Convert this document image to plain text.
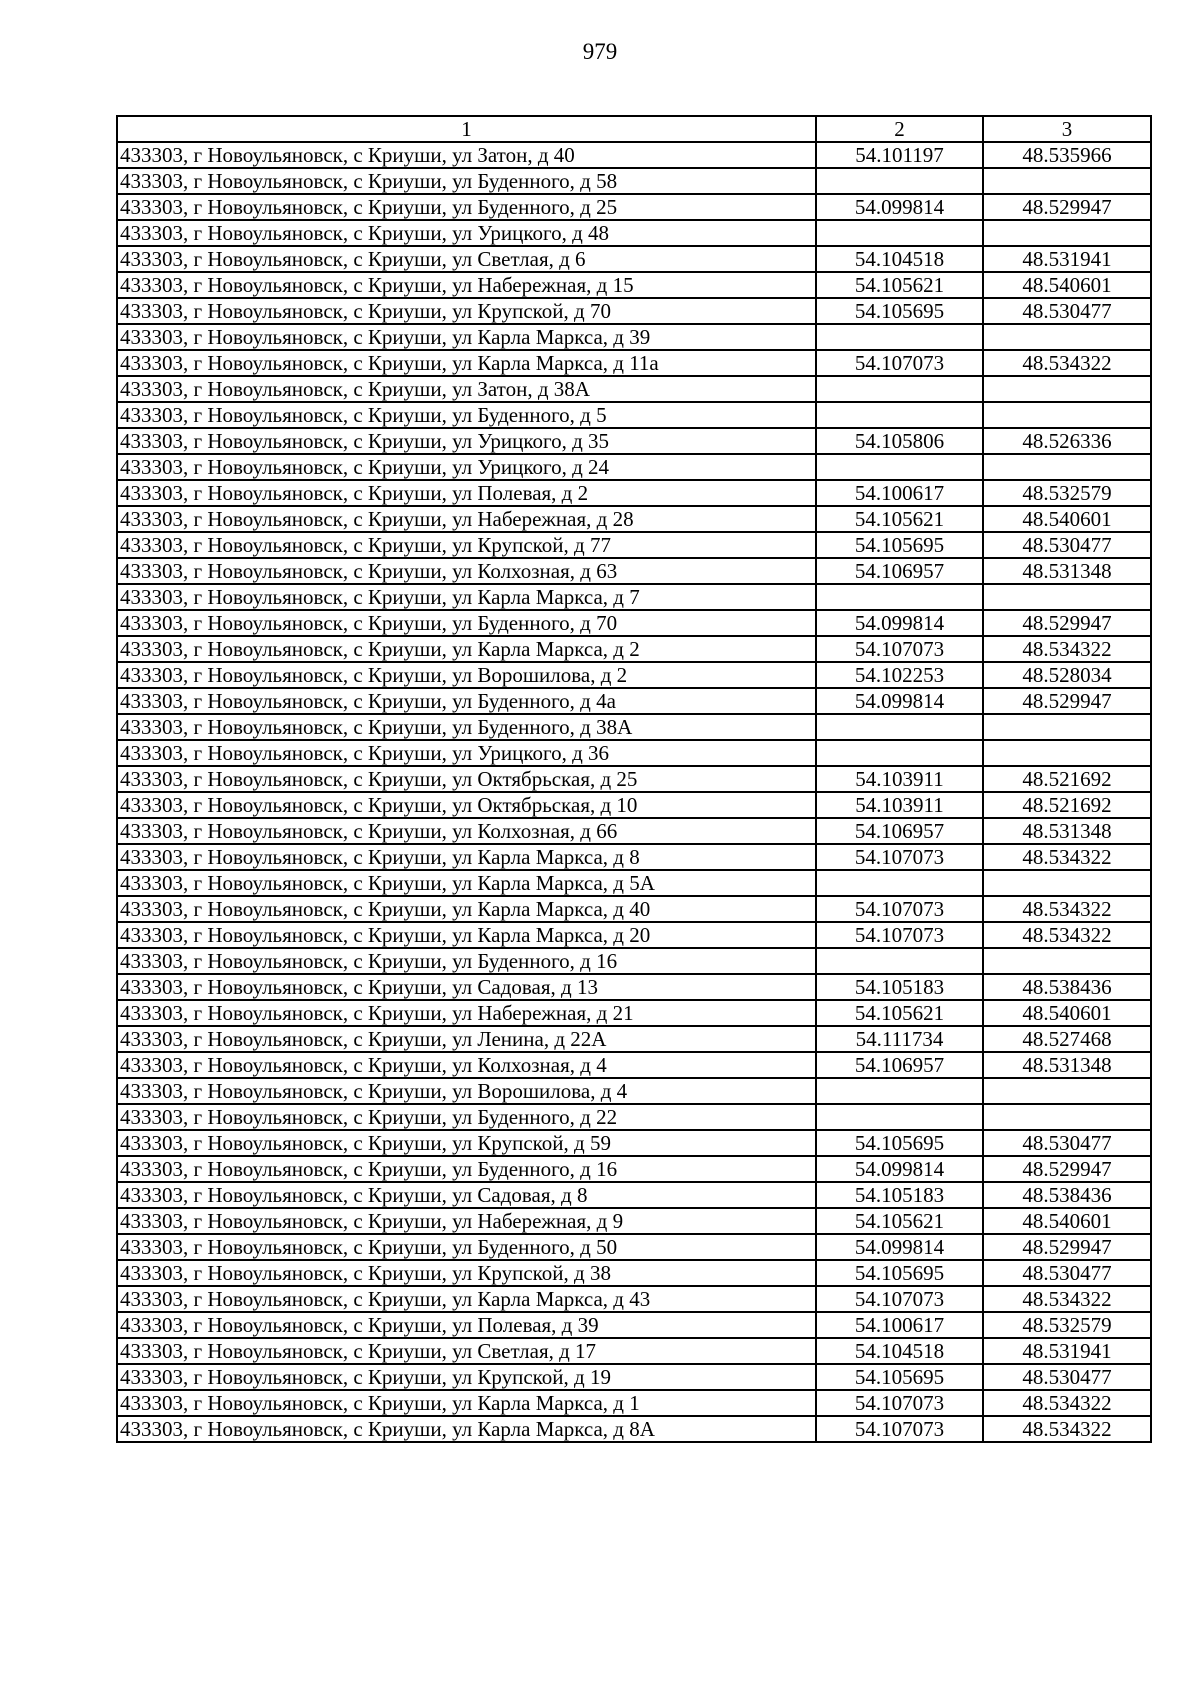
979
1	2	3
433303, г Новоульяновск, с Криуши, ул Затон, д 40	54.101197	48.535966
433303, г Новоульяновск, с Криуши, ул Буденного, д 58		
433303, г Новоульяновск, с Криуши, ул Буденного, д 25	54.099814	48.529947
433303, г Новоульяновск, с Криуши, ул Урицкого, д 48		
433303, г Новоульяновск, с Криуши, ул Светлая, д 6	54.104518	48.531941
433303, г Новоульяновск, с Криуши, ул Набережная, д 15	54.105621	48.540601
433303, г Новоульяновск, с Криуши, ул Крупской, д 70	54.105695	48.530477
433303, г Новоульяновск, с Криуши, ул Карла Маркса, д 39		
433303, г Новоульяновск, с Криуши, ул Карла Маркса, д 11а	54.107073	48.534322
433303, г Новоульяновск, с Криуши, ул Затон, д 38А		
433303, г Новоульяновск, с Криуши, ул Буденного, д 5		
433303, г Новоульяновск, с Криуши, ул Урицкого, д 35	54.105806	48.526336
433303, г Новоульяновск, с Криуши, ул Урицкого, д 24		
433303, г Новоульяновск, с Криуши, ул Полевая, д 2	54.100617	48.532579
433303, г Новоульяновск, с Криуши, ул Набережная, д 28	54.105621	48.540601
433303, г Новоульяновск, с Криуши, ул Крупской, д 77	54.105695	48.530477
433303, г Новоульяновск, с Криуши, ул Колхозная, д 63	54.106957	48.531348
433303, г Новоульяновск, с Криуши, ул Карла Маркса, д 7		
433303, г Новоульяновск, с Криуши, ул Буденного, д 70	54.099814	48.529947
433303, г Новоульяновск, с Криуши, ул Карла Маркса, д 2	54.107073	48.534322
433303, г Новоульяновск, с Криуши, ул Ворошилова, д 2	54.102253	48.528034
433303, г Новоульяновск, с Криуши, ул Буденного, д 4а	54.099814	48.529947
433303, г Новоульяновск, с Криуши, ул Буденного, д 38А		
433303, г Новоульяновск, с Криуши, ул Урицкого, д 36		
433303, г Новоульяновск, с Криуши, ул Октябрьская, д 25	54.103911	48.521692
433303, г Новоульяновск, с Криуши, ул Октябрьская, д 10	54.103911	48.521692
433303, г Новоульяновск, с Криуши, ул Колхозная, д 66	54.106957	48.531348
433303, г Новоульяновск, с Криуши, ул Карла Маркса, д 8	54.107073	48.534322
433303, г Новоульяновск, с Криуши, ул Карла Маркса, д 5А		
433303, г Новоульяновск, с Криуши, ул Карла Маркса, д 40	54.107073	48.534322
433303, г Новоульяновск, с Криуши, ул Карла Маркса, д 20	54.107073	48.534322
433303, г Новоульяновск, с Криуши, ул Буденного, д 16		
433303, г Новоульяновск, с Криуши, ул Садовая, д 13	54.105183	48.538436
433303, г Новоульяновск, с Криуши, ул Набережная, д 21	54.105621	48.540601
433303, г Новоульяновск, с Криуши, ул Ленина, д 22А	54.111734	48.527468
433303, г Новоульяновск, с Криуши, ул Колхозная, д 4	54.106957	48.531348
433303, г Новоульяновск, с Криуши, ул Ворошилова, д 4		
433303, г Новоульяновск, с Криуши, ул Буденного, д 22		
433303, г Новоульяновск, с Криуши, ул Крупской, д 59	54.105695	48.530477
433303, г Новоульяновск, с Криуши, ул Буденного, д 16	54.099814	48.529947
433303, г Новоульяновск, с Криуши, ул Садовая, д 8	54.105183	48.538436
433303, г Новоульяновск, с Криуши, ул Набережная, д 9	54.105621	48.540601
433303, г Новоульяновск, с Криуши, ул Буденного, д 50	54.099814	48.529947
433303, г Новоульяновск, с Криуши, ул Крупской, д 38	54.105695	48.530477
433303, г Новоульяновск, с Криуши, ул Карла Маркса, д 43	54.107073	48.534322
433303, г Новоульяновск, с Криуши, ул Полевая, д 39	54.100617	48.532579
433303, г Новоульяновск, с Криуши, ул Светлая, д 17	54.104518	48.531941
433303, г Новоульяновск, с Криуши, ул Крупской, д 19	54.105695	48.530477
433303, г Новоульяновск, с Криуши, ул Карла Маркса, д 1	54.107073	48.534322
433303, г Новоульяновск, с Криуши, ул Карла Маркса, д 8А	54.107073	48.534322
